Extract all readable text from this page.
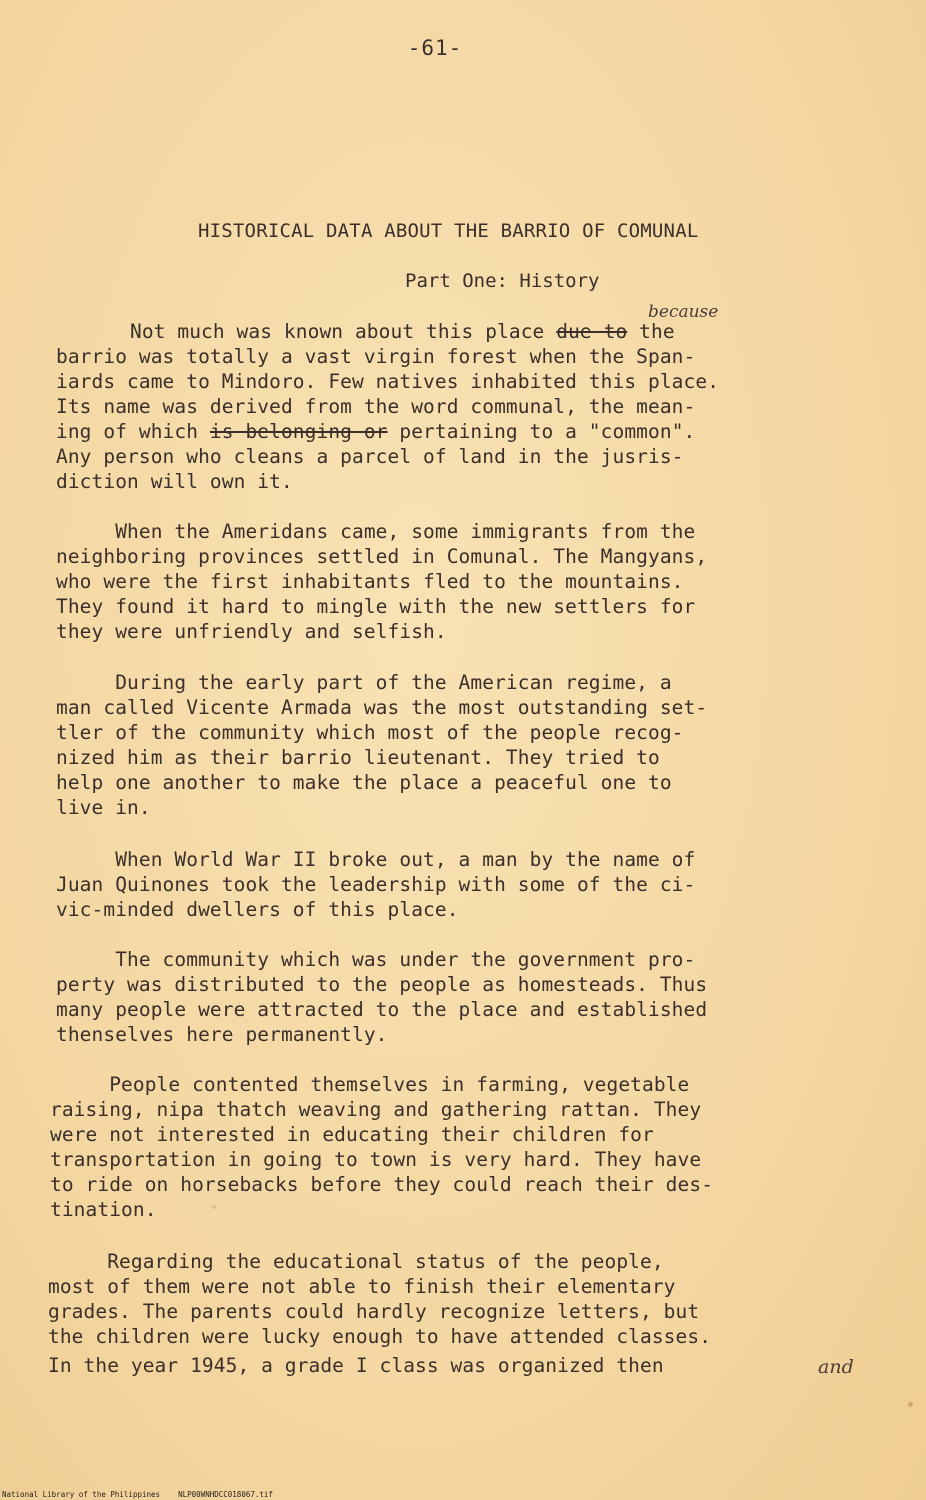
-61-
HISTORICAL DATA ABOUT THE BARRIO OF COMUNAL
Part One: History
because
Not much was known about this place due to the
barrio was totally a vast virgin forest when the Span-
iards came to Mindoro. Few natives inhabited this place.
Its name was derived from the word communal, the mean-
ing of which is belonging or pertaining to a "common".
Any person who cleans a parcel of land in the jusris-
diction will own it.
When the Ameridans came, some immigrants from the
neighboring provinces settled in Comunal. The Mangyans,
who were the first inhabitants fled to the mountains.
They found it hard to mingle with the new settlers for
they were unfriendly and selfish.
During the early part of the American regime, a
man called Vicente Armada was the most outstanding set-
tler of the community which most of the people recog-
nized him as their barrio lieutenant. They tried to
help one another to make the place a peaceful one to
live in.
When World War II broke out, a man by the name of
Juan Quinones took the leadership with some of the ci-
vic-minded dwellers of this place.
The community which was under the government pro-
perty was distributed to the people as homesteads. Thus
many people were attracted to the place and established
thenselves here permanently.
People contented themselves in farming, vegetable
raising, nipa thatch weaving and gathering rattan. They
were not interested in educating their children for
transportation in going to town is very hard. They have
to ride on horsebacks before they could reach their des-
tination.
Regarding the educational status of the people,
most of them were not able to finish their elementary
grades. The parents could hardly recognize letters, but
the children were lucky enough to have attended classes.
In the year 1945, a grade I class was organized then	and
National Library of the Philippines NLP00WNHDCC018067.tif
